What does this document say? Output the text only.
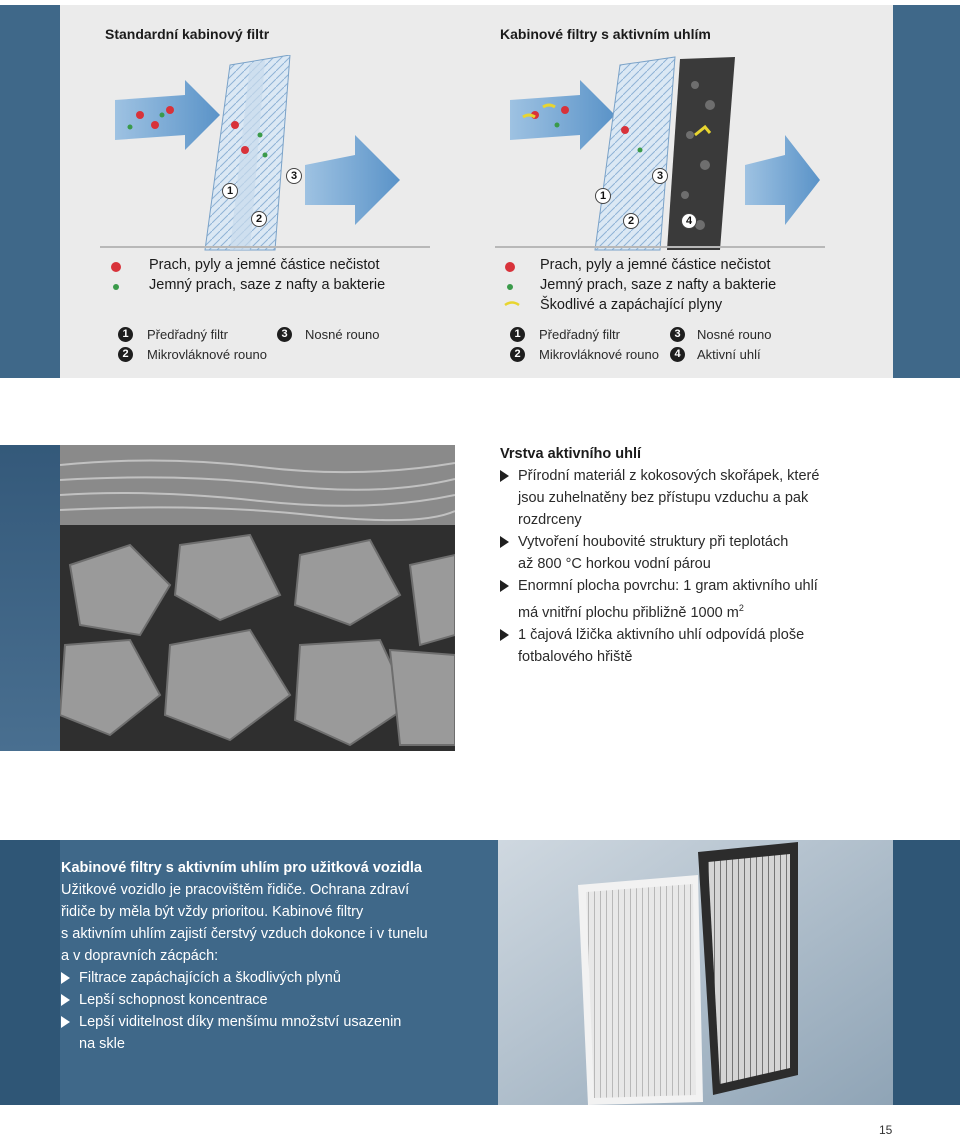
Standardní kabinový filtr	Kabinové filtry s aktivním uhlím
1
2
3
1
2
3
4
Prach, pyly a jemné částice nečistot
Jemný prach, saze z nafty a bakterie
1	Předřadný filtr
2	Mikrovláknové rouno
3	Nosné rouno
Prach, pyly a jemné částice nečistot
Jemný prach, saze z nafty a bakterie
Škodlivé a zapáchající plyny
1	Předřadný filtr
2	Mikrovláknové rouno
3	Nosné rouno
4	Aktivní uhlí
Vrstva aktivního uhlí
Přírodní materiál z kokosových skořápek, které
jsou zuhelnatěny bez přístupu vzduchu a pak
rozdrceny
Vytvoření houbovité struktury při teplotách
až 800 °C horkou vodní párou
Enormní plocha povrchu: 1 gram aktivního uhlí
má vnitřní plochu přibližně 1000 $m^2$
1 čajová lžička aktivního uhlí odpovídá ploše
fotbalového hřiště
Kabinové filtry s aktivním uhlím pro užitková vozidla
Užitkové vozidlo je pracovištěm řidiče. Ochrana zdraví
řidiče by měla být vždy prioritou. Kabinové filtry
s aktivním uhlím zajistí čerstvý vzduch dokonce i v tunelu
a v dopravních zácpách:
Filtrace zapáchajících a škodlivých plynů
Lepší schopnost koncentrace
Lepší viditelnost díky menšímu množství usazenin
na skle
15
